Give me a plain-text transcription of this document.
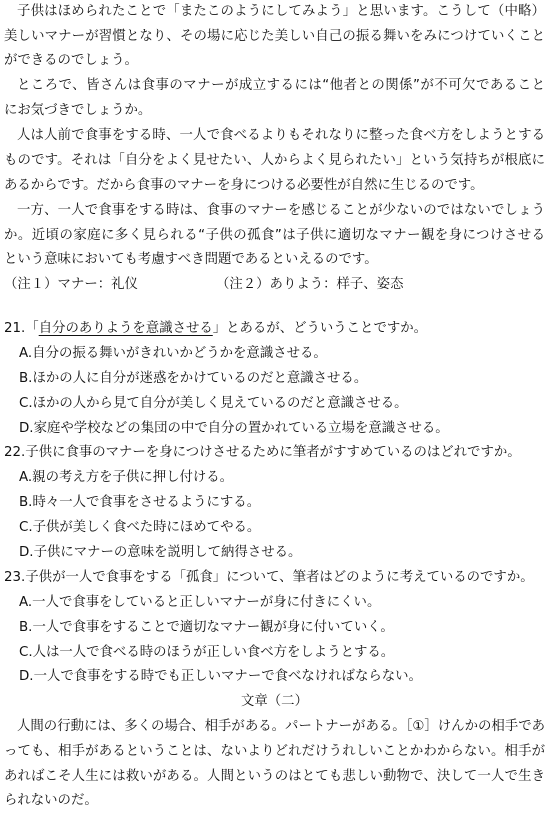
子供はほめられたことで「またこのようにしてみよう」と思います。こうして（中略）
美しいマナーが習慣となり、その場に応じた美しい自己の振る舞いをみにつけていくこと
ができるのでしょう。
ところで、皆さんは食事のマナーが成立するには“他者との関係”が不可欠であること
にお気づきでしょうか。
人は人前で食事をする時、一人で食べるよりもそれなりに整った食べ方をしようとする
ものです。それは「自分をよく見せたい、人からよく見られたい」という気持ちが根底に
あるからです。だから食事のマナーを身につける必要性が自然に生じるのです。
一方、一人で食事をする時は、食事のマナーを感じることが少ないのではないでしょう
か。近頃の家庭に多く見られる“子供の孤食”は子供に適切なマナー観を身につけさせる
という意味においても考慮すべき問題であるといえるのです。
（注１）マナー：礼仪	（注２）ありよう：样子、姿态
21.「自分のありようを意識させる」とあるが、どういうことですか。
A.自分の振る舞いがきれいかどうかを意識させる。
B.ほかの人に自分が迷惑をかけているのだと意識させる。
C.ほかの人から見て自分が美しく見えているのだと意識させる。
D.家庭や学校などの集団の中で自分の置かれている立場を意識させる。
22.子供に食事のマナーを身につけさせるために筆者がすすめているのはどれですか。
A.親の考え方を子供に押し付ける。
B.時々一人で食事をさせるようにする。
C.子供が美しく食べた時にほめてやる。
D.子供にマナーの意味を説明して納得させる。
23.子供が一人で食事をする「孤食」について、筆者はどのように考えているのですか。
A.一人で食事をしていると正しいマナーが身に付きにくい。
B.一人で食事をすることで適切なマナー観が身に付いていく。
C.人は一人で食べる時のほうが正しい食べ方をしようとする。
D.一人で食事をする時でも正しいマナーで食べなければならない。
文章（二）
人間の行動には、多くの場合、相手がある。パートナーがある。［①］けんかの相手であ
っても、相手があるということは、ないよりどれだけうれしいことかわからない。相手が
あればこそ人生には救いがある。人間というのはとても悲しい動物で、決して一人で生き
られないのだ。
